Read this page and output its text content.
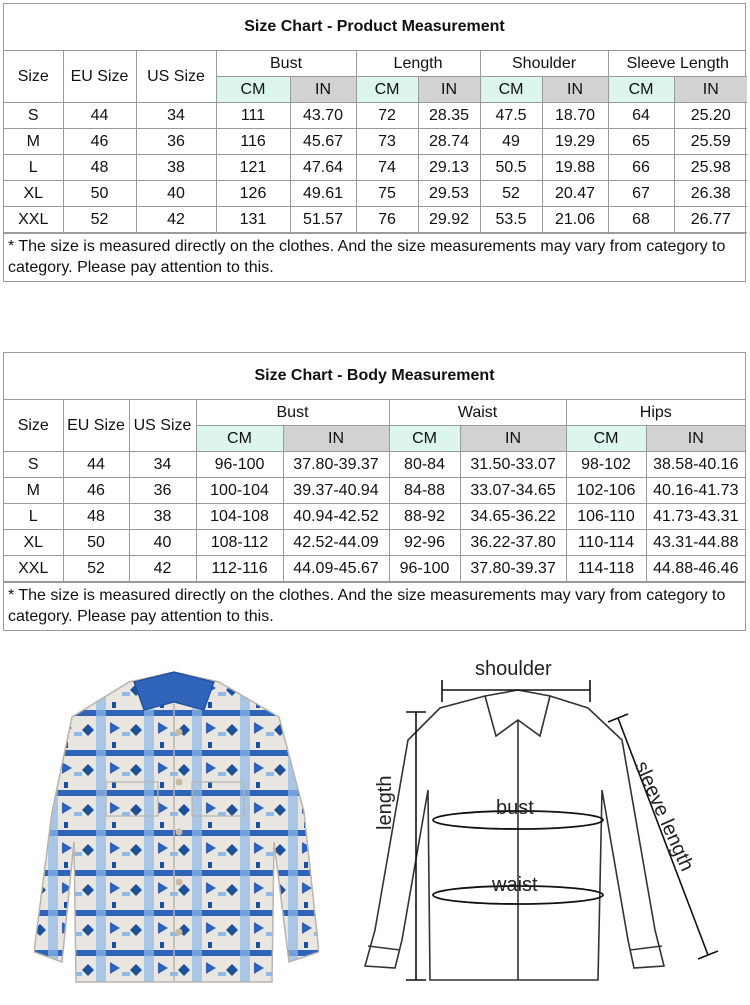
Size Chart - Product Measurement
Size	EU Size	US Size	Bust		Length		Shoulder		Sleeve Length	
			CM	IN	CM	IN	CM	IN	CM	IN
S	44	34	111	43.70	72	28.35	47.5	18.70	64	25.20
M	46	36	116	45.67	73	28.74	49	19.29	65	25.59
L	48	38	121	47.64	74	29.13	50.5	19.88	66	25.98
XL	50	40	126	49.61	75	29.53	52	20.47	67	26.38
XXL	52	42	131	51.57	76	29.92	53.5	21.06	68	26.77
* The size is measured directly on the clothes. And the size measurements may vary from category to category. Please pay attention to this.
Size Chart - Body Measurement
Size	EU Size	US Size	Bust		Waist		Hips	
			CM	IN	CM	IN	CM	IN
S	44	34	96-100	37.80-39.37	80-84	31.50-33.07	98-102	38.58-40.16
M	46	36	100-104	39.37-40.94	84-88	33.07-34.65	102-106	40.16-41.73
L	48	38	104-108	40.94-42.52	88-92	34.65-36.22	106-110	41.73-43.31
XL	50	40	108-112	42.52-44.09	92-96	36.22-37.80	110-114	43.31-44.88
XXL	52	42	112-116	44.09-45.67	96-100	37.80-39.37	114-118	44.88-46.46
* The size is measured directly on the clothes. And the size measurements may vary from category to category. Please pay attention to this.
shoulder
bust
waist
length	sleeve length
